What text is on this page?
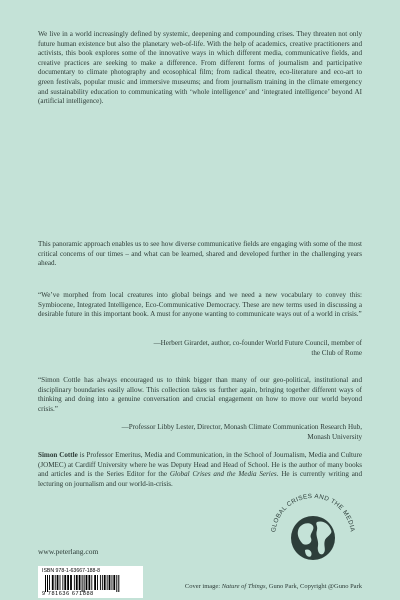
We live in a world increasingly defined by systemic, deepening and compounding crises. They threaten not only future human existence but also the planetary web-of-life. With the help of academics, creative practitioners and activists, this book explores some of the innovative ways in which different media, communicative fields, and creative practices are seeking to make a difference. From different forms of journalism and participative documentary to climate photography and ecosophical film; from radical theatre, eco-literature and eco-art to green festivals, popular music and immersive museums; and from journalism training in the climate emergency and sustainability education to communicating with ‘whole intelligence’ and ‘integrated intelligence’ beyond AI (artificial intelligence).

This panoramic approach enables us to see how diverse communicative fields are engaging with some of the most critical concerns of our times – and what can be learned, shared and developed further in the challenging years ahead.

“We’ve morphed from local creatures into global beings and we need a new vocabulary to convey this: Symbiocene, Integrated Intelligence, Eco-Communicative Democracy. These are new terms used in discussing a desirable future in this important book. A must for anyone wanting to communicate ways out of a world in crisis.”

—Herbert Girardet, author, co-founder World Future Council, member of
the Club of Rome

“Simon Cottle has always encouraged us to think bigger than many of our geo-political, institutional and disciplinary boundaries easily allow. This collection takes us further again, bringing together different ways of thinking and doing into a genuine conversation and crucial engagement on how to move our world beyond crisis.”

—Professor Libby Lester, Director, Monash Climate Communication Research Hub,
Monash University

Simon Cottle is Professor Emeritus, Media and Communication, in the School of Journalism, Media and Culture (JOMEC) at Cardiff University where he was Deputy Head and Head of School. He is the author of many books and articles and is the Series Editor for the Global Crises and the Media Series. He is currently writing and lecturing on journalism and our world-in-crisis.

www.peterlang.com
ISBN 978-1-63667-188-8
9 781636 671888
GLOBAL CRISES AND THE MEDIA
Cover image: Nature of Things, Guno Park, Copyright @Guno Park
